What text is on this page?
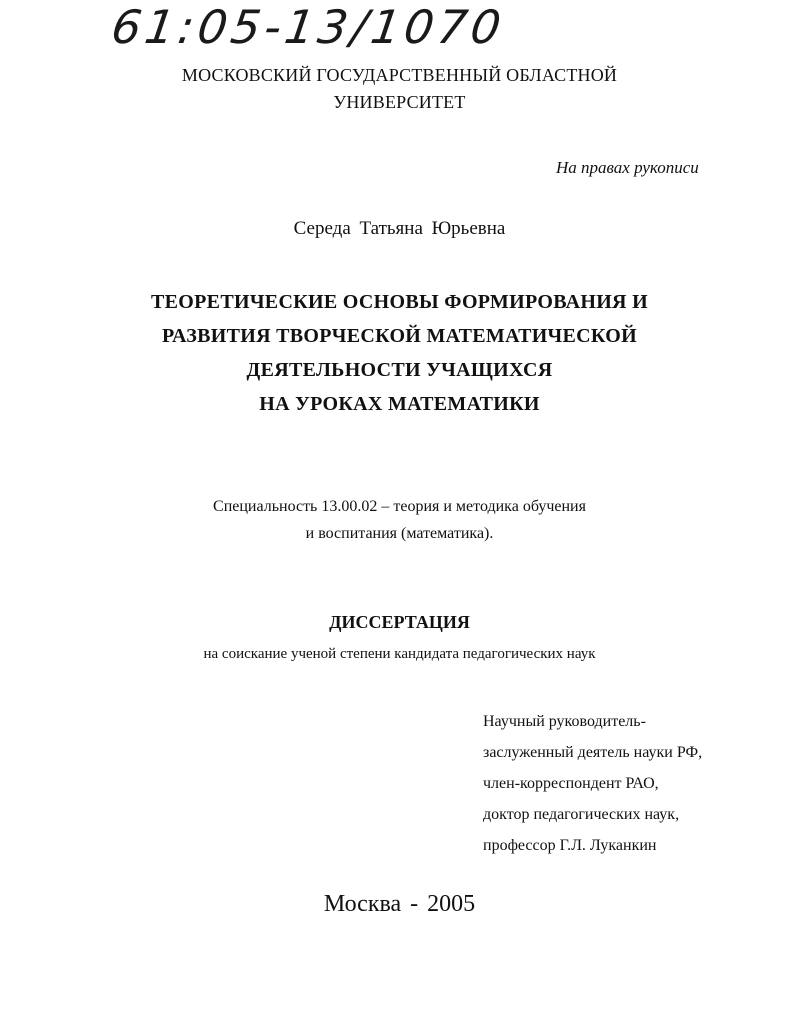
61:05-13/1070
МОСКОВСКИЙ ГОСУДАРСТВЕННЫЙ ОБЛАСТНОЙ
УНИВЕРСИТЕТ
На правах рукописи
Середа Татьяна Юрьевна
ТЕОРЕТИЧЕСКИЕ ОСНОВЫ ФОРМИРОВАНИЯ И
РАЗВИТИЯ ТВОРЧЕСКОЙ МАТЕМАТИЧЕСКОЙ
ДЕЯТЕЛЬНОСТИ УЧАЩИХСЯ
НА УРОКАХ МАТЕМАТИКИ
Специальность 13.00.02 – теория и методика обучения
и воспитания (математика).
ДИССЕРТАЦИЯ
на соискание ученой степени кандидата педагогических наук
Научный руководитель-
заслуженный деятель науки РФ,
член-корреспондент РАО,
доктор педагогических наук,
профессор Г.Л. Луканкин
Москва - 2005
